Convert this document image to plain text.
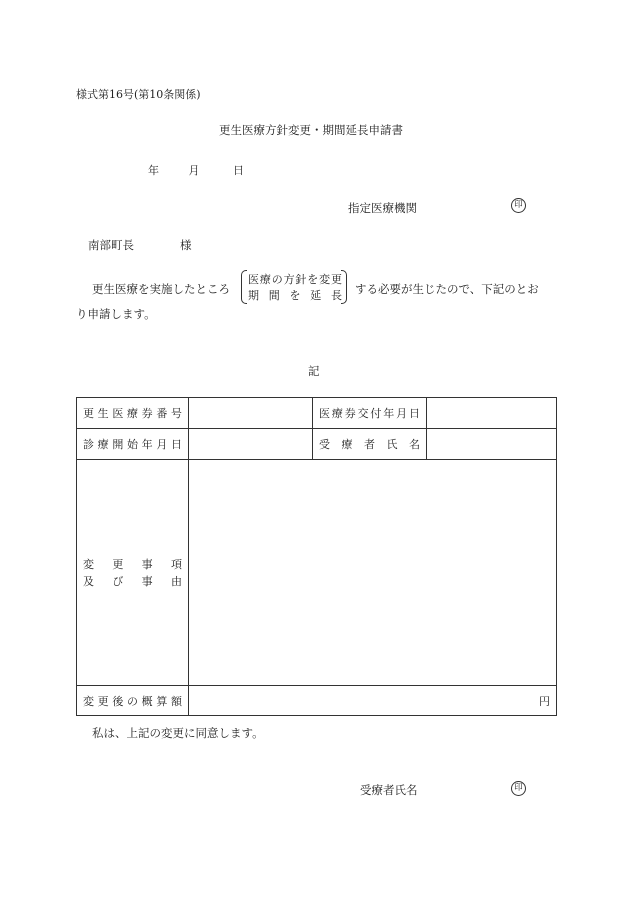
様式第16号(第10条関係)
更生医療方針変更・期間延長申請書
年	月	日
指定医療機関	印
南部町長	様
更生医療を実施したところ
医療の方針を変更
期間を延長 する必要が生じたので、下記のとお
り申請します。
記
更生医療券番号		医療券交付年月日	

診療開始年月日		受療者氏名	

変更事項
及び事由			

変更後の概算額	円		
私は、上記の変更に同意します。
受療者氏名	印
